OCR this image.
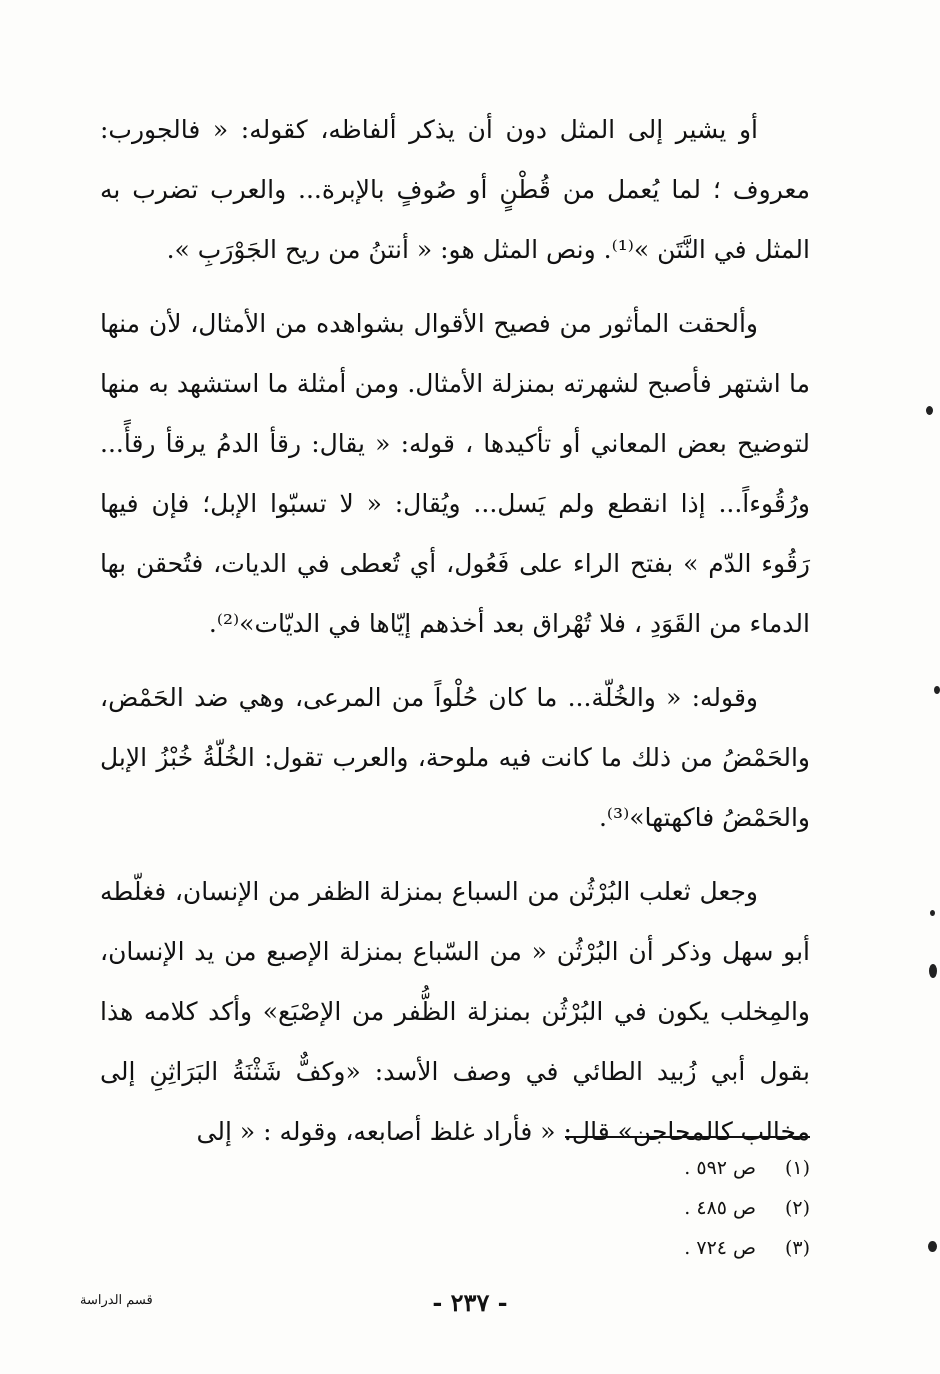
أو يشير إلى المثل دون أن يذكر ألفاظه، كقوله: « فالجورب: معروف ؛ لما يُعمل من قُطْنٍ أو صُوفٍ بالإبرة... والعرب تضرب به المثل في النَّتَن »⁽¹⁾. ونص المثل هو: « أنتنُ من ريح الجَوْرَبِ ».

وألحقت المأثور من فصيح الأقوال بشواهده من الأمثال، لأن منها ما اشتهر فأصبح لشهرته بمنزلة الأمثال. ومن أمثلة ما استشهد به منها لتوضيح بعض المعاني أو تأكيدها ، قوله: « يقال: رقأ الدمُ يرقأ رقأً... ورُقُوءاً... إذا انقطع ولم يَسل... ويُقال: « لا تسبّوا الإبل؛ فإن فيها رَقُوء الدّم » بفتح الراء على فَعُول، أي تُعطى في الديات، فتُحقن بها الدماء من القَوَدِ ، فلا تُهْراق بعد أخذهم إيّاها في الديّات»⁽²⁾.

وقوله: « والخُلّة... ما كان حُلْواً من المرعى، وهي ضد الحَمْض، والحَمْضُ من ذلك ما كانت فيه ملوحة، والعرب تقول: الخُلّةُ خُبْزُ الإبل والحَمْضُ فاكهتها»⁽³⁾.

وجعل ثعلب البُرْثُن من السباع بمنزلة الظفر من الإنسان، فغلّطه أبو سهل وذكر أن البُرْثُن « من السّباع بمنزلة الإصبع من يد الإنسان، والمِخلب يكون في البُرْثُن بمنزلة الظُّفر من الإصْبَع» وأكد كلامه هذا بقول أبي زُبيد الطائي في وصف الأسد: «وكفٌّ شَثْنَةُ البَرَاثِنِ إلى مخالب كالمحاجن» قال: « فأراد غلظ أصابعه، وقوله : « إلى

(١)
ص ٥٩٢ .
(٢)
ص ٤٨٥ .
(٣)
ص ٧٢٤ .
- ٢٣٧ -
قسم الدراسة
